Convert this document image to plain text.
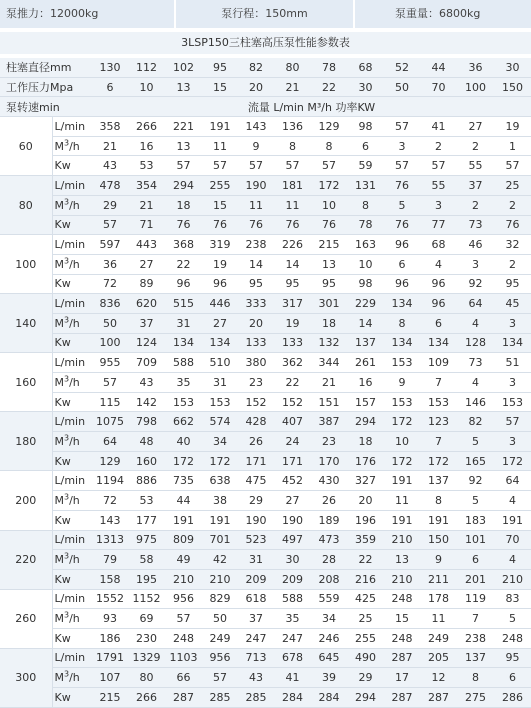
泵推力：12000kg	泵行程：150mm	泵重量：6800kg
3LSP150三柱塞高压泵性能参数表
柱塞直径mm		130	112	102	95	82	80	78	68	52	44	36	30
工作压力Mpa		6	10	13	15	20	21	22	30	50	70	100	150
泵转速min		流量 L/min M³/h 功率KW											
60	L/min	358	266	221	191	143	136	129	98	57	41	27	19
	$M^3/h$	21	16	13	11	9	8	8	6	3	2	2	1
	Kw	43	53	57	57	57	57	57	59	57	57	55	57
80	L/min	478	354	294	255	190	181	172	131	76	55	37	25
	$M^3/h$	29	21	18	15	11	11	10	8	5	3	2	2
	Kw	57	71	76	76	76	76	76	78	76	77	73	76
100	L/min	597	443	368	319	238	226	215	163	96	68	46	32
	$M^3/h$	36	27	22	19	14	14	13	10	6	4	3	2
	Kw	72	89	96	96	95	95	95	98	96	96	92	95
140	L/min	836	620	515	446	333	317	301	229	134	96	64	45
	$M^3/h$	50	37	31	27	20	19	18	14	8	6	4	3
	Kw	100	124	134	134	133	133	132	137	134	134	128	134
160	L/min	955	709	588	510	380	362	344	261	153	109	73	51
	$M^3/h$	57	43	35	31	23	22	21	16	9	7	4	3
	Kw	115	142	153	153	152	152	151	157	153	153	146	153
180	L/min	1075	798	662	574	428	407	387	294	172	123	82	57
	$M^3/h$	64	48	40	34	26	24	23	18	10	7	5	3
	Kw	129	160	172	172	171	171	170	176	172	172	165	172
200	L/min	1194	886	735	638	475	452	430	327	191	137	92	64
	$M^3/h$	72	53	44	38	29	27	26	20	11	8	5	4
	Kw	143	177	191	191	190	190	189	196	191	191	183	191
220	L/min	1313	975	809	701	523	497	473	359	210	150	101	70
	$M^3/h$	79	58	49	42	31	30	28	22	13	9	6	4
	Kw	158	195	210	210	209	209	208	216	210	211	201	210
260	L/min	1552	1152	956	829	618	588	559	425	248	178	119	83
	$M^3/h$	93	69	57	50	37	35	34	25	15	11	7	5
	Kw	186	230	248	249	247	247	246	255	248	249	238	248
300	L/min	1791	1329	1103	956	713	678	645	490	287	205	137	95
	$M^3/h$	107	80	66	57	43	41	39	29	17	12	8	6
	Kw	215	266	287	285	285	284	284	294	287	287	275	286
